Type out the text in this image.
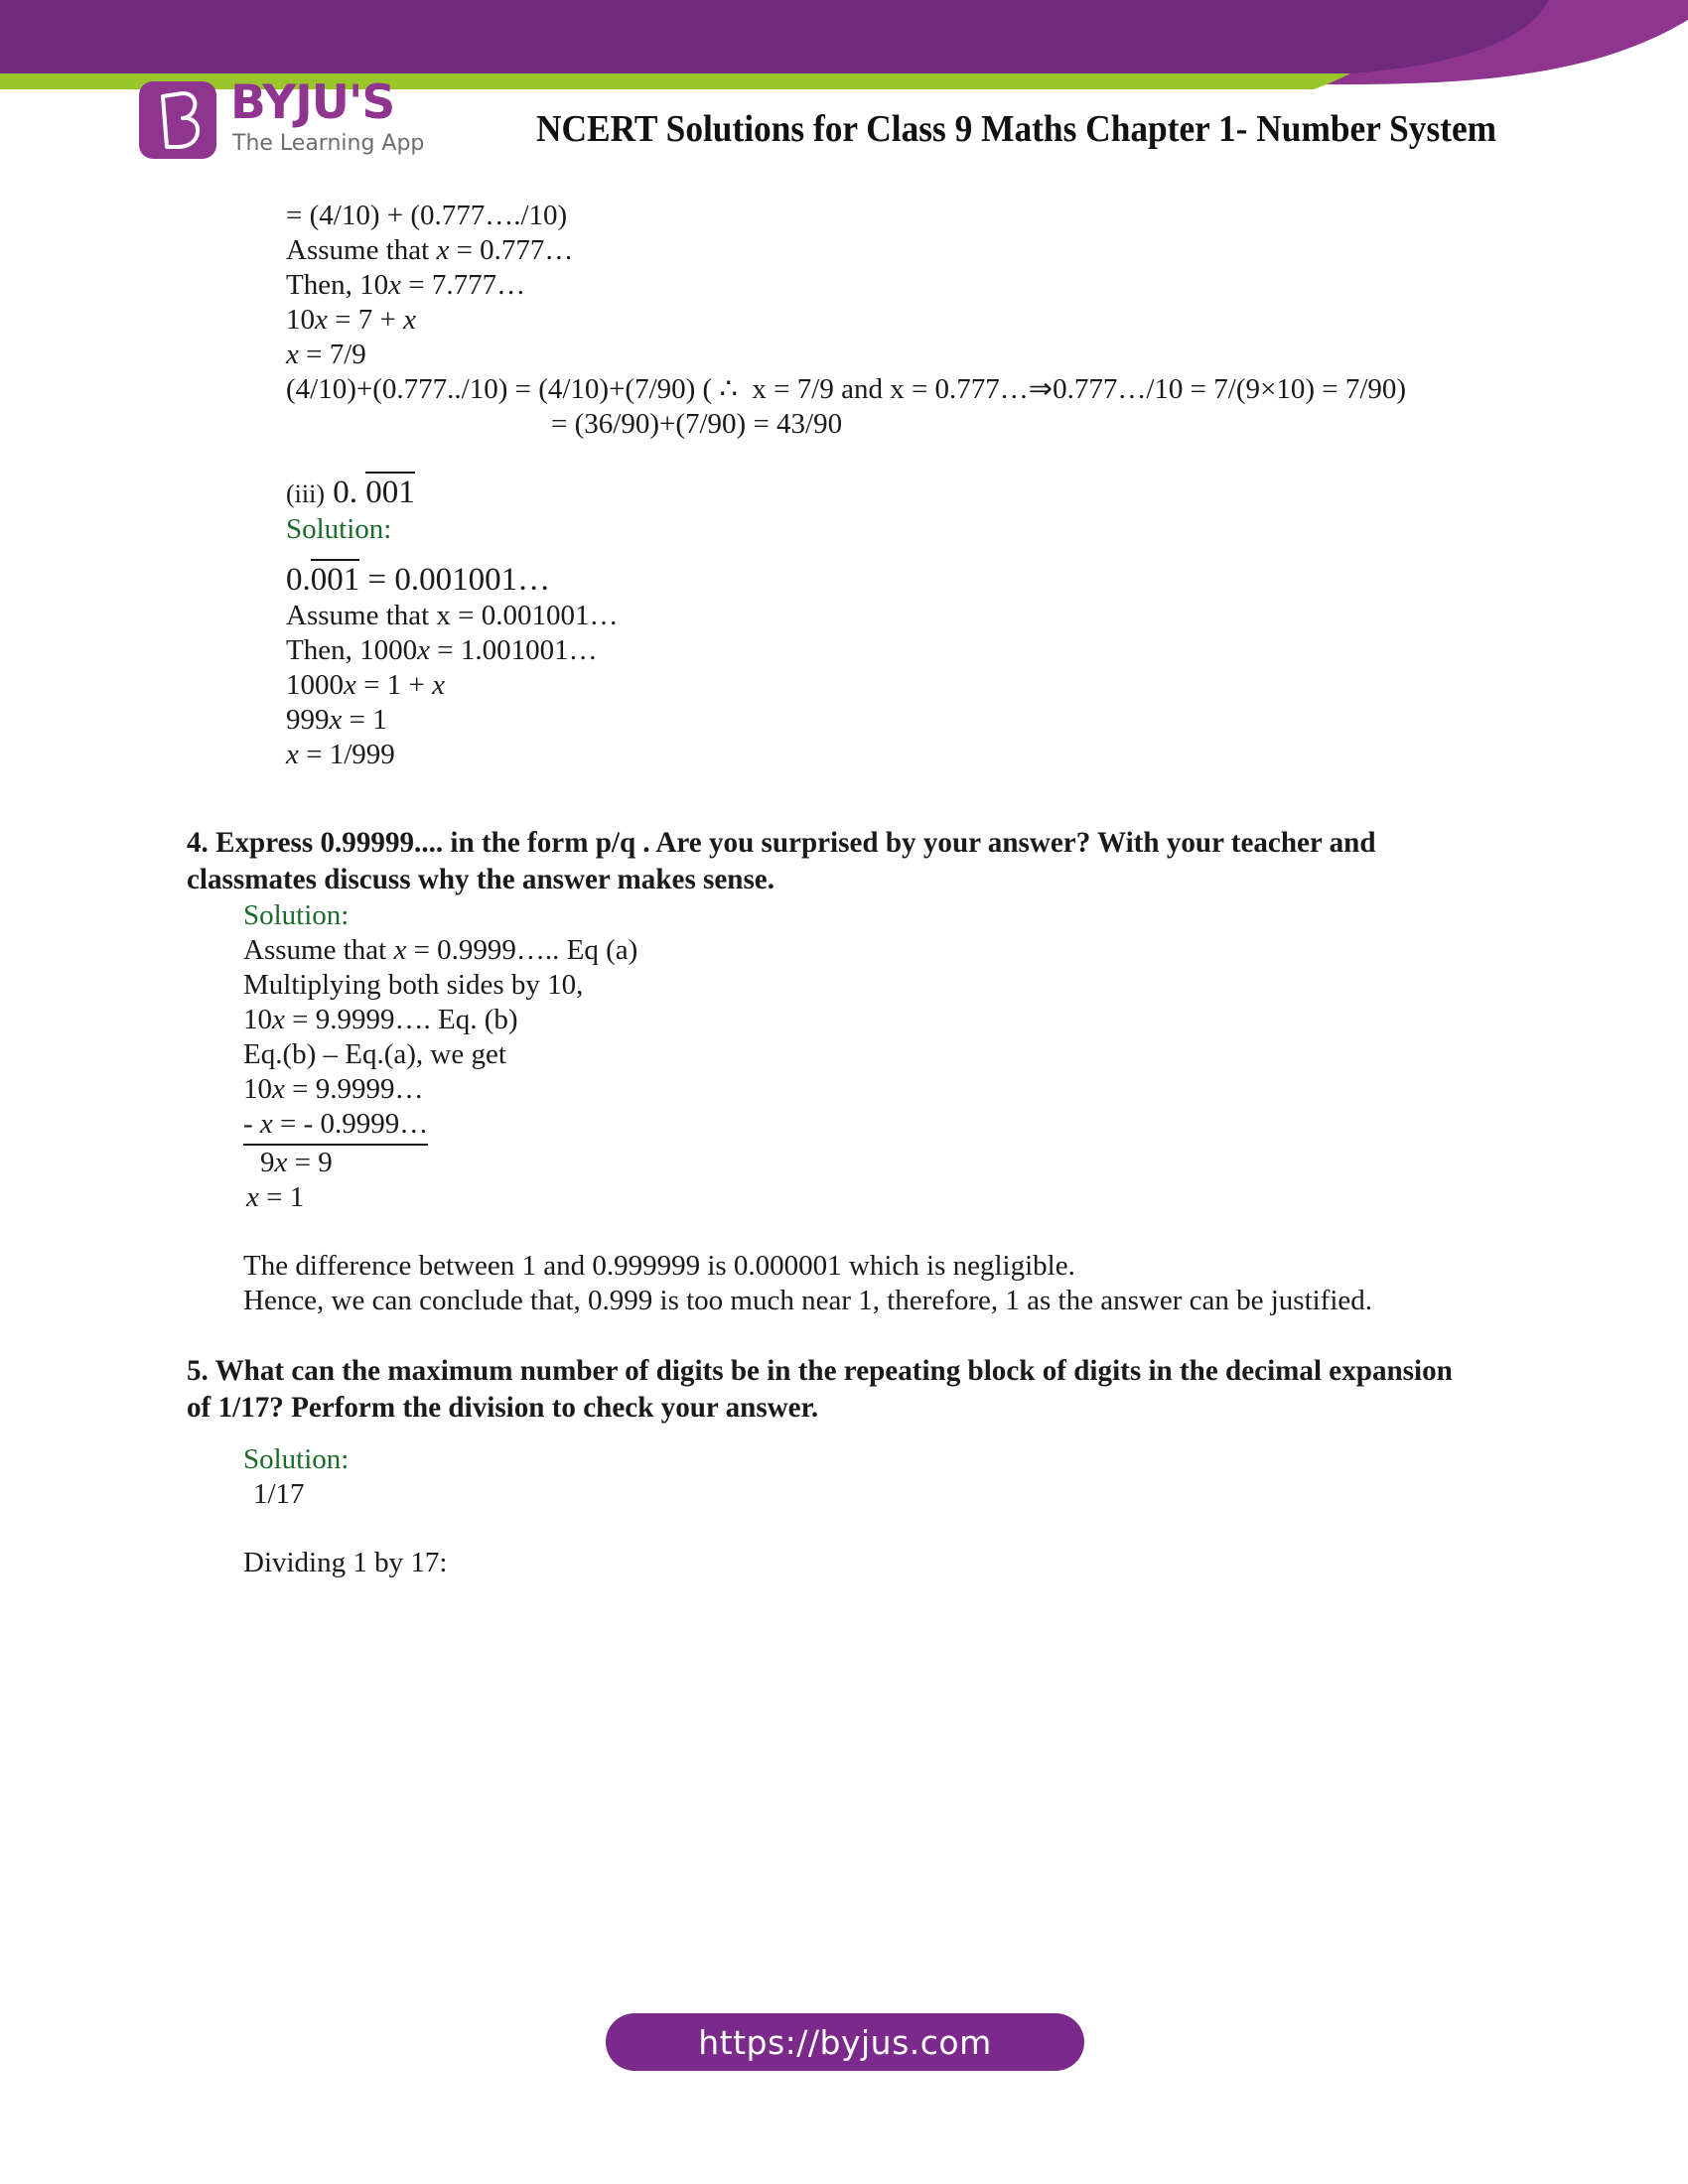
BYJU'S
The Learning App	NCERT Solutions for Class 9 Maths Chapter 1- Number System
= (4/10) + (0.777…./10)
Assume that x = 0.777…
Then, 10x = 7.777…
10x = 7 + x
x = 7/9
(4/10)+(0.777../10) = (4/10)+(7/90) ( ∴  x = 7/9 and x = 0.777…⇒0.777…/10 = 7/(9×10) = 7/90)
= (36/90)+(7/90) = 43/90
(iii) 0. 001
Solution:
0.001 = 0.001001…
Assume that x = 0.001001…
Then, 1000x = 1.001001…
1000x = 1 + x
999x = 1
x = 1/999
4. Express 0.99999.... in the form p/q . Are you surprised by your answer? With your teacher and classmates discuss why the answer makes sense.
Solution:
Assume that x = 0.9999….. Eq (a)
Multiplying both sides by 10,
10x = 9.9999…. Eq. (b)
Eq.(b) – Eq.(a), we get
10x = 9.9999…
- x = - 0.9999…
9x = 9
x = 1
The difference between 1 and 0.999999 is 0.000001 which is negligible.
Hence, we can conclude that, 0.999 is too much near 1, therefore, 1 as the answer can be justified.
5. What can the maximum number of digits be in the repeating block of digits in the decimal expansion of 1/17? Perform the division to check your answer.
Solution:
1/17
Dividing 1 by 17:
https://byjus.com
